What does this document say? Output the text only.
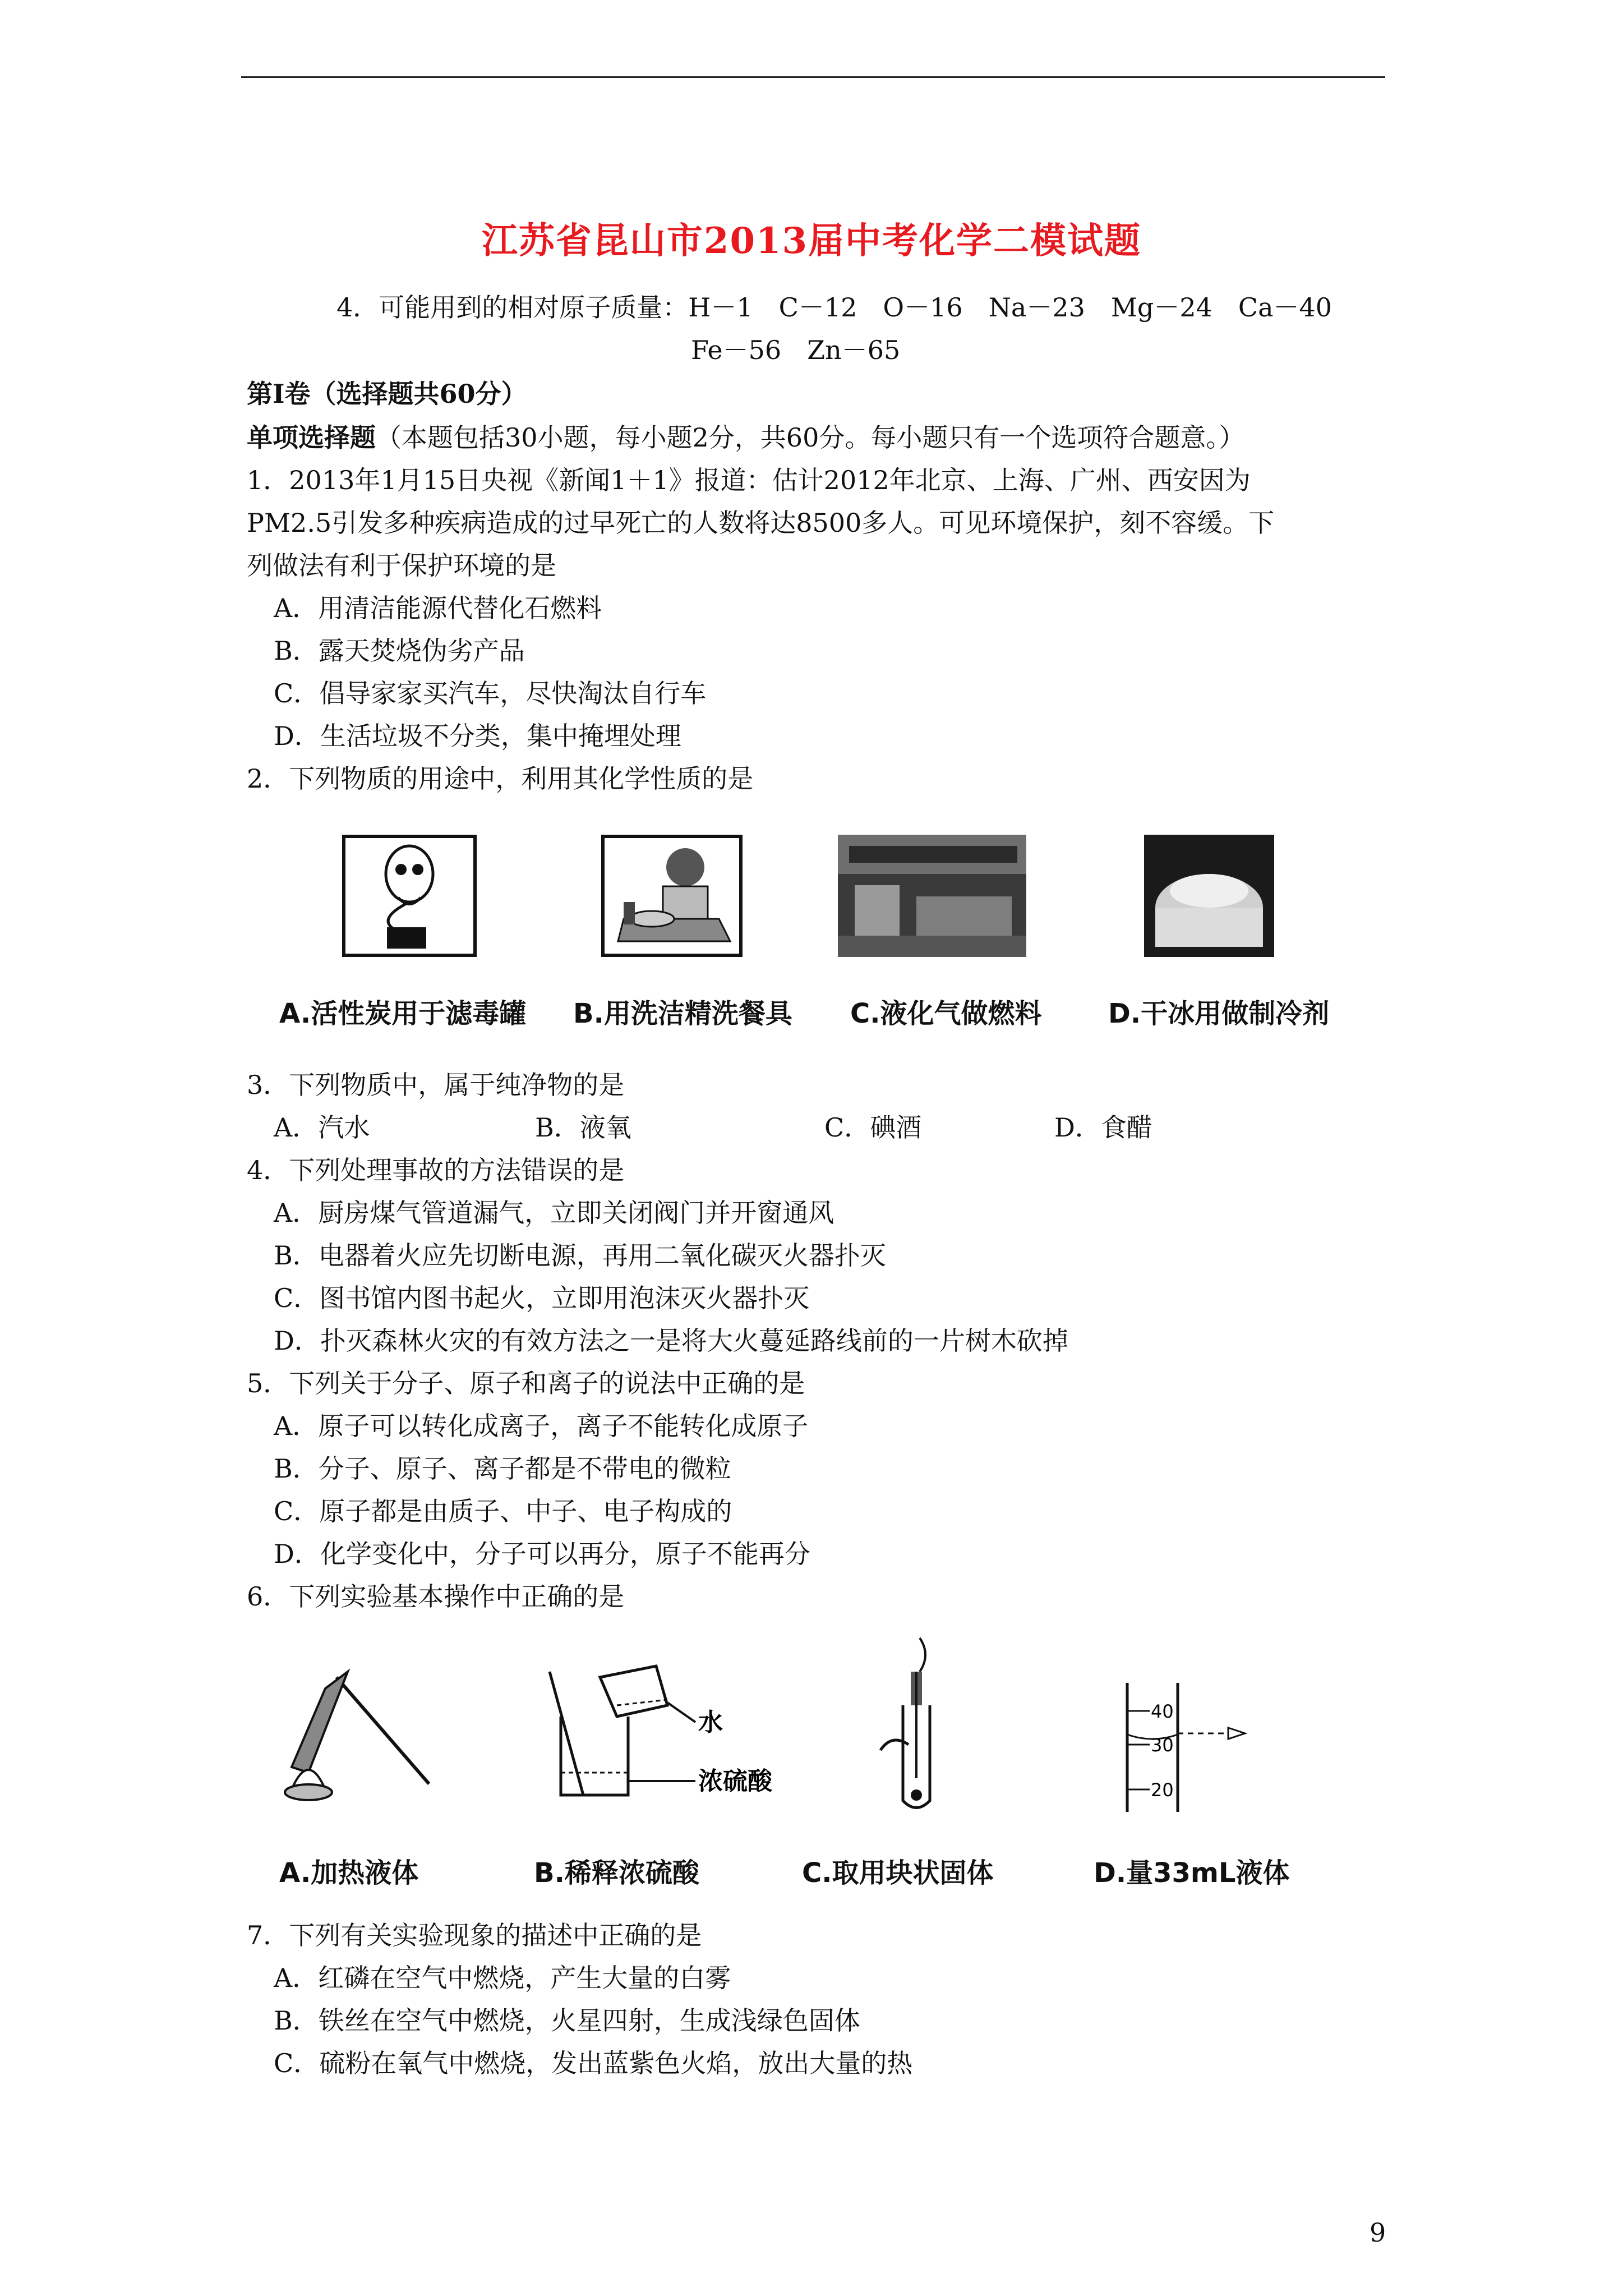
江苏省昆山市2013届中考化学二模试题
4．可能用到的相对原子质量：H－1　C－12　O－16　Na－23　Mg－24　Ca－40
Fe－56　Zn－65
第Ⅰ卷（选择题共60分）
单项选择题（本题包括30小题，每小题2分，共60分。每小题只有一个选项符合题意。）
1．2013年1月15日央视《新闻1＋1》报道：估计2012年北京、上海、广州、西安因为
PM2.5引发多种疾病造成的过早死亡的人数将达8500多人。可见环境保护，刻不容缓。下
列做法有利于保护环境的是
A．用清洁能源代替化石燃料
B．露天焚烧伪劣产品
C．倡导家家买汽车，尽快淘汰自行车
D．生活垃圾不分类，集中掩埋处理
2．下列物质的用途中，利用其化学性质的是
A.活性炭用于滤毒罐 B.用洗洁精洗餐具 C.液化气做燃料 D.干冰用做制冷剂
3．下列物质中，属于纯净物的是
A．汽水	B．液氧	C．碘酒	D．食醋
4．下列处理事故的方法错误的是
A．厨房煤气管道漏气，立即关闭阀门并开窗通风
B．电器着火应先切断电源，再用二氧化碳灭火器扑灭
C．图书馆内图书起火，立即用泡沫灭火器扑灭
D．扑灭森林火灾的有效方法之一是将大火蔓延路线前的一片树木砍掉
5．下列关于分子、原子和离子的说法中正确的是
A．原子可以转化成离子，离子不能转化成原子
B．分子、原子、离子都是不带电的微粒
C．原子都是由质子、中子、电子构成的
D．化学变化中，分子可以再分，原子不能再分
6．下列实验基本操作中正确的是
水
浓硫酸
40
30
20
A.加热液体	B.稀释浓硫酸	C.取用块状固体	D.量33mL液体
7．下列有关实验现象的描述中正确的是
A．红磷在空气中燃烧，产生大量的白雾
B．铁丝在空气中燃烧，火星四射，生成浅绿色固体
C．硫粉在氧气中燃烧，发出蓝紫色火焰，放出大量的热
9
